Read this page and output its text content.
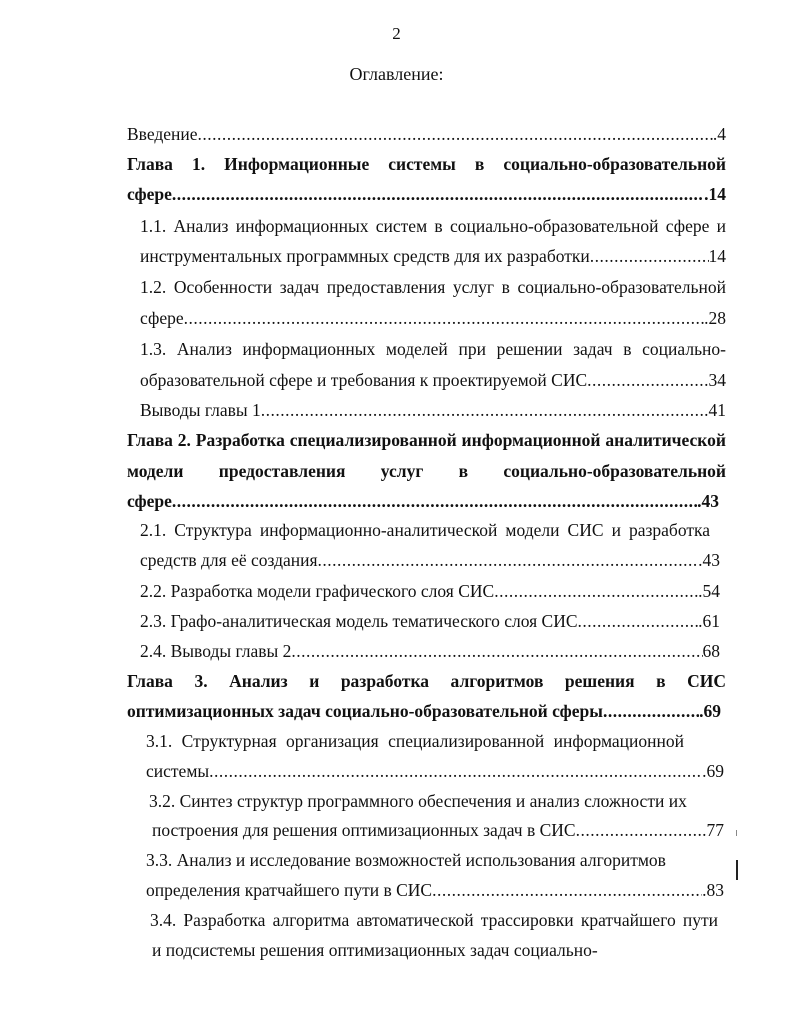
2
Оглавление:
Введение .....	.4
Глава 1. Информационные системы в социально-образовательной
сфере .....	.14
1.1. Анализ информационных систем в социально-образовательной сфере и
инструментальных программных средств для их разработки .....	14
1.2. Особенности задач предоставления услуг в социально-образовательной
сфере .....	.28
1.3. Анализ информационных моделей при решении задач в социально-
образовательной сфере и требования к проектируемой СИС .....	.34
Выводы главы 1 .....	.41
Глава 2. Разработка специализированной информационной аналитической
модели предоставления услуг в социально-образовательной
сфере .....	.43
2.1. Структура информационно-аналитической модели СИС и разработка
средств для её создания .....	.43
2.2. Разработка модели графического слоя СИС .....	.54
2.3. Графо-аналитическая модель тематического слоя СИС .....	.61
2.4. Выводы главы 2 .....	68
Глава 3. Анализ и разработка алгоритмов решения в СИС
оптимизационных задач социально-образовательной сферы .....	.69
3.1. Структурная организация специализированной информационной
системы .....	.69
3.2. Синтез структур программного обеспечения и анализ сложности их
построения для решения оптимизационных задач в СИС .....	.77
3.3. Анализ и исследование возможностей использования алгоритмов
определения кратчайшего пути в СИС .....	.83
3.4. Разработка алгоритма автоматической трассировки кратчайшего пути
и подсистемы решения оптимизационных задач социально-
